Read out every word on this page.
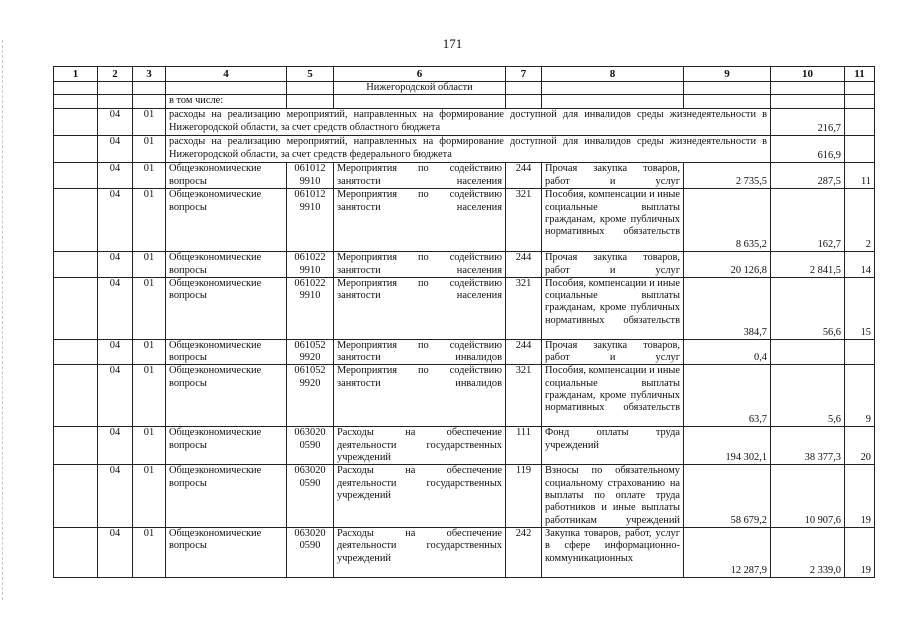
171
1	2	3	4	5	6	7	8	9	10	11	
					Нижегородской области						
			в том числе:								
	04	01	расходы на реализацию мероприятий, направленных на формирование доступной для инвалидов среды жизнедеятельности в Нижегородской области, за счет средств областного бюджета						216,7		
	04	01	расходы на реализацию мероприятий, направленных на формирование доступной для инвалидов среды жизнедеятельности в Нижегородской области, за счет средств федерального бюджета						616,9		
	04	01	Общеэкономические вопросы	061012 9910	Мероприятия по содействию занятости населения	244	Прочая закупка товаров, работ и услуг	2 735,5	287,5	11	
	04	01	Общеэкономические вопросы	061012 9910	Мероприятия по содействию занятости населения	321	Пособия, компенсации и иные социальные выплаты гражданам, кроме публичных нормативных обязательств	8 635,2	162,7	2	
	04	01	Общеэкономические вопросы	061022 9910	Мероприятия по содействию занятости населения	244	Прочая закупка товаров, работ и услуг	20 126,8	2 841,5	14	
	04	01	Общеэкономические вопросы	061022 9910	Мероприятия по содействию занятости населения	321	Пособия, компенсации и иные социальные выплаты гражданам, кроме публичных нормативных обязательств	384,7	56,6	15	
	04	01	Общеэкономические вопросы	061052 9920	Мероприятия по содействию занятости инвалидов	244	Прочая закупка товаров, работ и услуг	0,4			
	04	01	Общеэкономические вопросы	061052 9920	Мероприятия по содействию занятости инвалидов	321	Пособия, компенсации и иные социальные выплаты гражданам, кроме публичных нормативных обязательств	63,7	5,6	9	
	04	01	Общеэкономические вопросы	063020 0590	Расходы на обеспечение деятельности государственных учреждений	111	Фонд оплаты труда учреждений	194 302,1	38 377,3	20	
	04	01	Общеэкономические вопросы	063020 0590	Расходы на обеспечение деятельности государственных учреждений	119	Взносы по обязательному социальному страхованию на выплаты по оплате труда работников и иные выплаты работникам учреждений	58 679,2	10 907,6	19	
	04	01	Общеэкономические вопросы	063020 0590	Расходы на обеспечение деятельности государственных учреждений	242	Закупка товаров, работ, услуг в сфере информационно-коммуникационных	12 287,9	2 339,0	19	
